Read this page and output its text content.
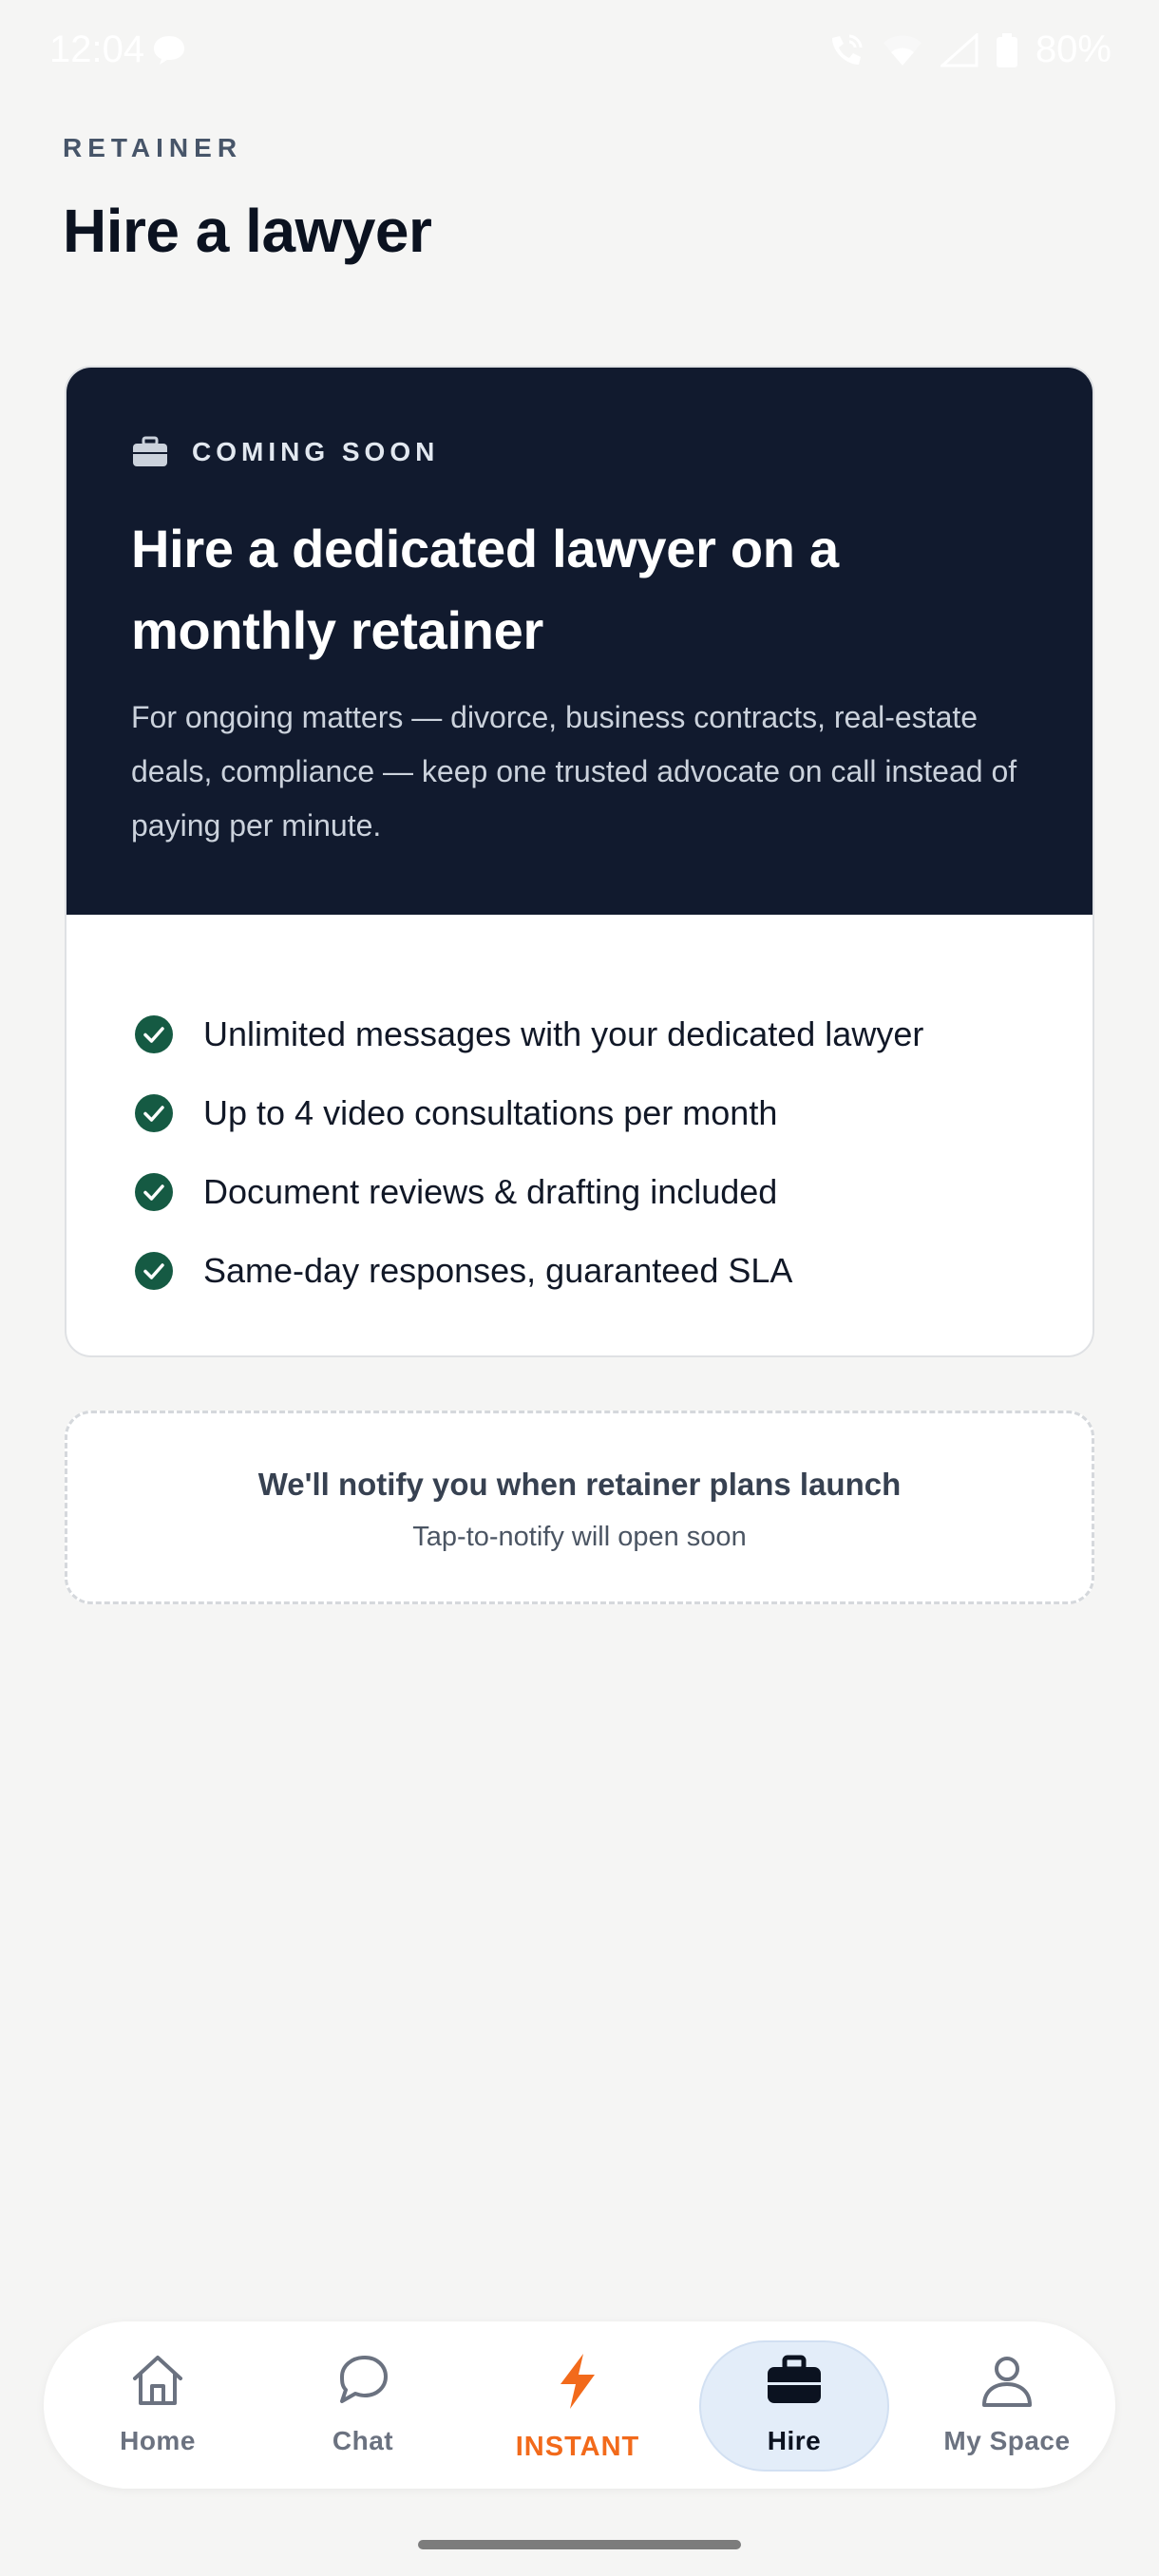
12:04	80%
RETAINER
Hire a lawyer
COMING SOON
Hire a dedicated lawyer on a monthly retainer

For ongoing matters — divorce, business contracts, real-estate deals, compliance — keep one trusted advocate on call instead of paying per minute.

Unlimited messages with your dedicated lawyer
Up to 4 video consultations per month
Document reviews & drafting included
Same-day responses, guaranteed SLA
We'll notify you when retainer plans launch
Tap-to-notify will open soon
Home	Chat	INSTANT	Hire	My Space
